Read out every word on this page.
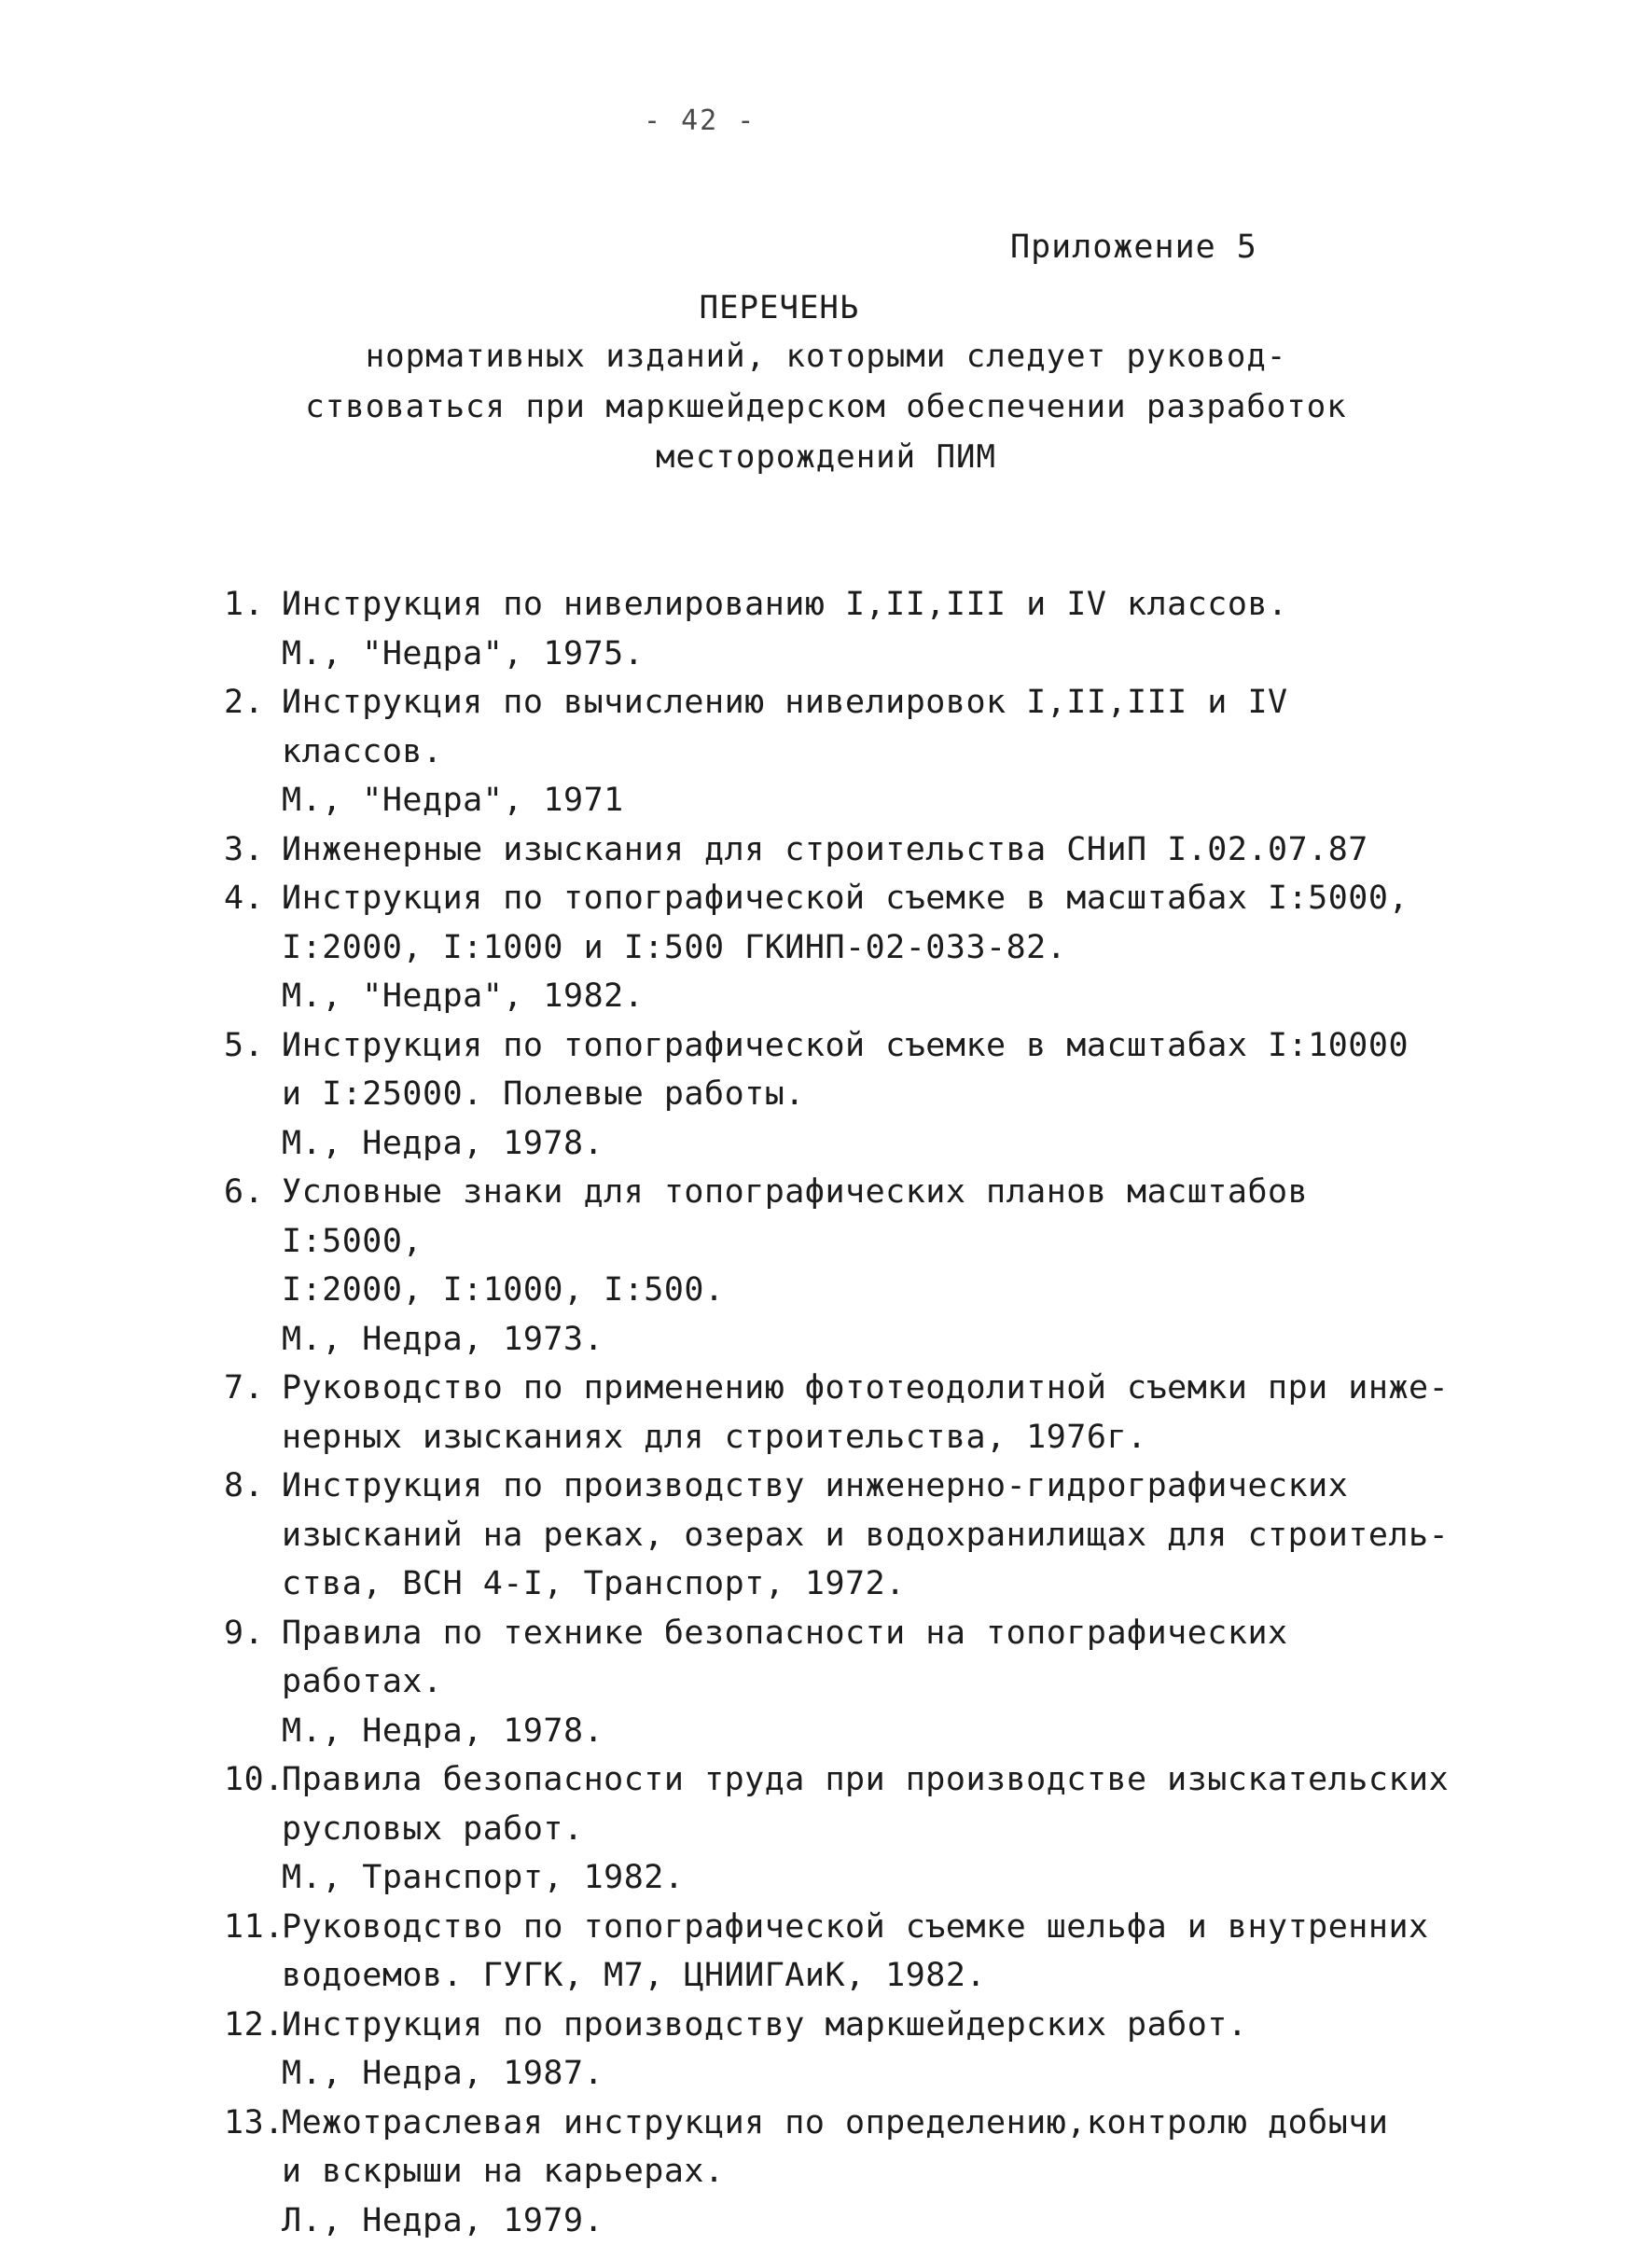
- 42 -
Приложение 5
ПЕРЕЧЕНЬ
нормативных изданий, которыми следует руковод-
ствоваться при маркшейдерском обеспечении разработок
месторождений ПИМ
1. Инструкция по нивелированию I,II,III и IV классов.
М., "Недра", 1975.
2. Инструкция по вычислению нивелировок I,II,III и IV классов.
М., "Недра", 1971
3. Инженерные изыскания для строительства СНиП I.02.07.87
4. Инструкция по топографической съемке в масштабах I:5000,
I:2000, I:1000 и I:500 ГКИНП-02-033-82.
М., "Недра", 1982.
5. Инструкция по топографической съемке в масштабах I:10000
и I:25000. Полевые работы.
М., Недра, 1978.
6. Условные знаки для топографических планов масштабов I:5000,
I:2000, I:1000, I:500.
М., Недра, 1973.
7. Руководство по применению фототеодолитной съемки при инже-
нерных изысканиях для строительства, 1976г.
8. Инструкция по производству инженерно-гидрографических
изысканий на реках, озерах и водохранилищах для строитель-
ства, ВСН 4-I, Транспорт, 1972.
9. Правила по технике безопасности на топографических работах.
М., Недра, 1978.
10.
Правила безопасности труда при производстве изыскательских
русловых работ.
М., Транспорт, 1982.
11.
Руководство по топографической съемке шельфа и внутренних
водоемов. ГУГК, М7, ЦНИИГАиК, 1982.
12.
Инструкция по производству маркшейдерских работ.
М., Недра, 1987.
13.
Межотраслевая инструкция по определению,контролю добычи
и вскрыши на карьерах.
Л., Недра, 1979.
